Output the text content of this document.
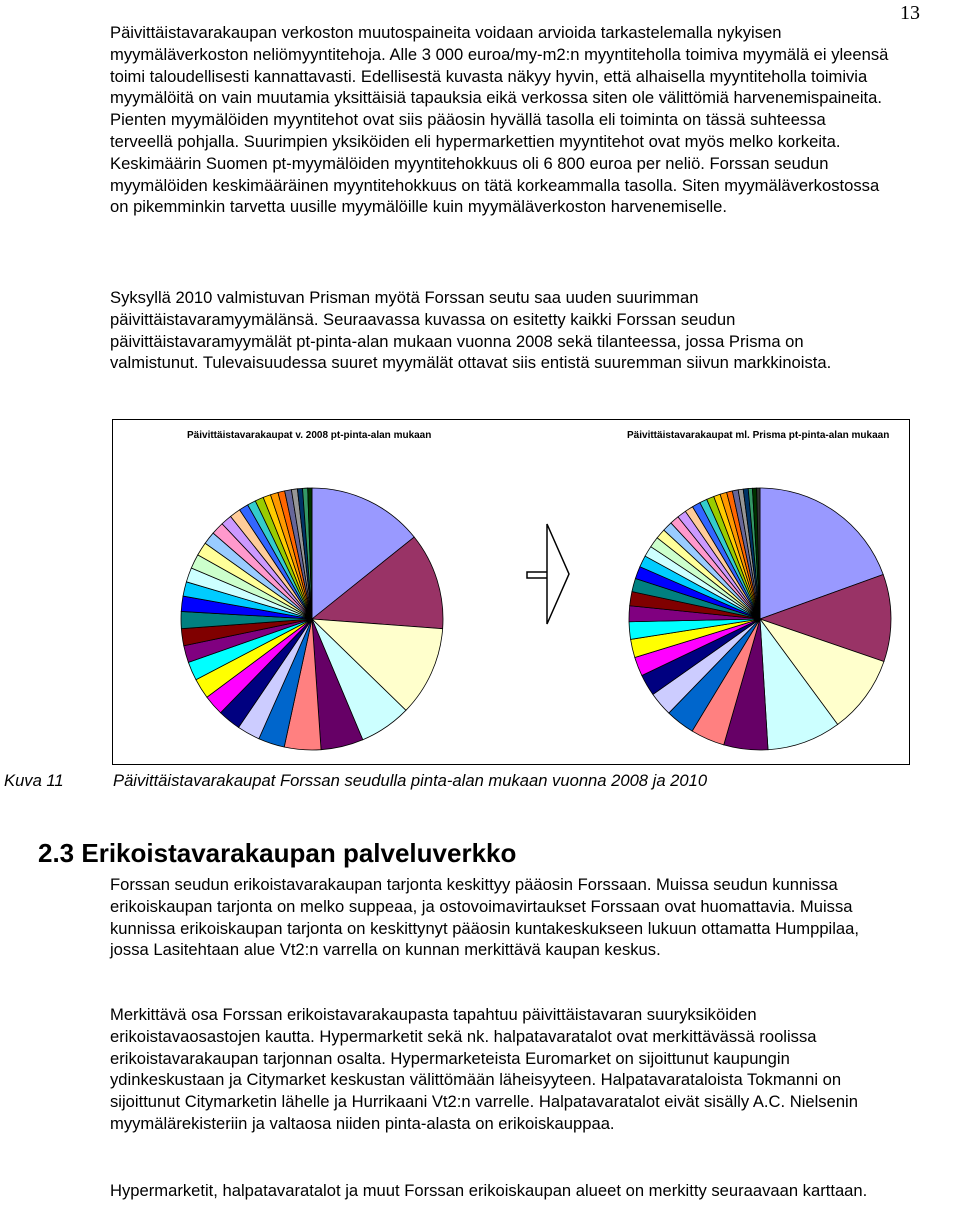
13

Päivittäistavarakaupan verkoston muutospaineita voidaan arvioida tarkastelemalla nykyisen myymäläverkoston neliömyyntitehoja. Alle 3 000 euroa/my-m2:n myyntiteholla toimiva myymälä ei yleensä toimi taloudellisesti kannattavasti. Edellisestä kuvasta näkyy hyvin, että alhaisella myyntiteholla toimivia myymälöitä on vain muutamia yksittäisiä tapauksia eikä verkossa siten ole välittömiä harvenemispaineita. Pienten myymälöiden myyntitehot ovat siis pääosin hyvällä tasolla eli toiminta on tässä suhteessa terveellä pohjalla. Suurimpien yksiköiden eli hypermarkettien myyntitehot ovat myös melko korkeita. Keskimäärin Suomen pt-myymälöiden myyntitehokkuus oli 6 800 euroa per neliö. Forssan seudun myymälöiden keskimääräinen myyntitehokkuus on tätä korkeammalla tasolla. Siten myymäläverkostossa on pikemminkin tarvetta uusille myymälöille kuin myymäläverkoston harvenemiselle.

Syksyllä 2010 valmistuvan Prisman myötä Forssan seutu saa uuden suurimman päivittäistavaramyymälänsä. Seuraavassa kuvassa on esitetty kaikki Forssan seudun päivittäistavaramyymälät pt-pinta-alan mukaan vuonna 2008 sekä tilanteessa, jossa Prisma on valmistunut. Tulevaisuudessa suuret myymälät ottavat siis entistä suuremman siivun markkinoista.

Päivittäistavarakaupat v. 2008 pt-pinta-alan mukaan	Päivittäistavarakaupat ml. Prisma pt-pinta-alan mukaan
Kuva 11	Päivittäistavarakaupat Forssan seudulla pinta-alan mukaan vuonna 2008 ja 2010
2.3 Erikoistavarakaupan palveluverkko

Forssan seudun erikoistavarakaupan tarjonta keskittyy pääosin Forssaan. Muissa seudun kunnissa erikoiskaupan tarjonta on melko suppeaa, ja ostovoimavirtaukset Forssaan ovat huomattavia. Muissa kunnissa erikoiskaupan tarjonta on keskittynyt pääosin kuntakeskukseen lukuun ottamatta Humppilaa, jossa Lasitehtaan alue Vt2:n varrella on kunnan merkittävä kaupan keskus.

Merkittävä osa Forssan erikoistavarakaupasta tapahtuu päivittäistavaran suuryksiköiden erikoistavaosastojen kautta. Hypermarketit sekä nk. halpatavaratalot ovat merkittävässä roolissa erikoistavarakaupan tarjonnan osalta. Hypermarketeista Euromarket on sijoittunut kaupungin ydinkeskustaan ja Citymarket keskustan välittömään läheisyyteen. Halpatavarataloista Tokmanni on sijoittunut Citymarketin lähelle ja Hurrikaani Vt2:n varrelle. Halpatavaratalot eivät sisälly A.C. Nielsenin myymälärekisteriin ja valtaosa niiden pinta-alasta on erikoiskauppaa.

Hypermarketit, halpatavaratalot ja muut Forssan erikoiskaupan alueet on merkitty seuraavaan karttaan.
